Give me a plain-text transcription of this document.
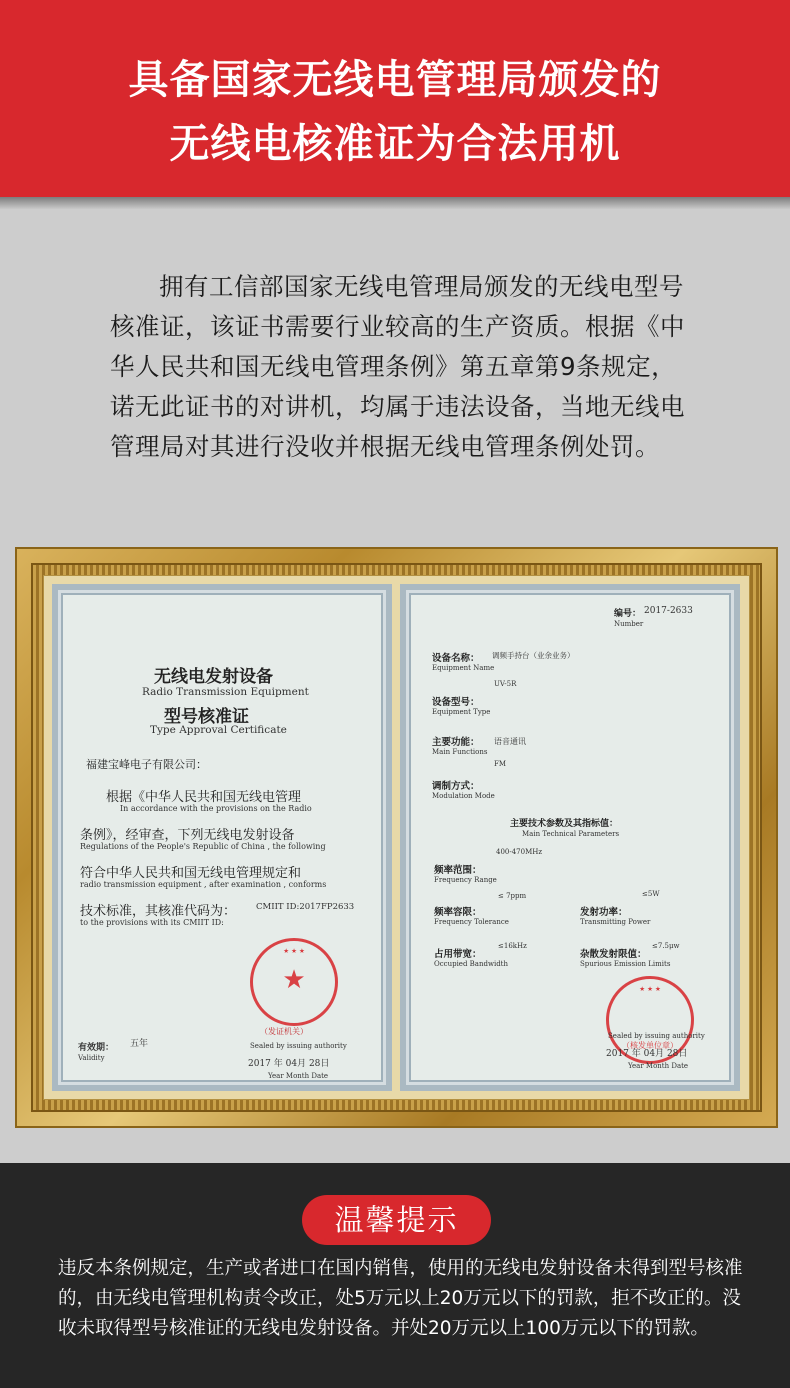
具备国家无线电管理局颁发的
无线电核准证为合法用机

拥有工信部国家无线电管理局颁发的无线电型号核准证，该证书需要行业较高的生产资质。根据《中华人民共和国无线电管理条例》第五章第9条规定，诺无此证书的对讲机，均属于违法设备，当地无线电管理局对其进行没收并根据无线电管理条例处罚。

无线电发射设备
Radio Transmission Equipment
型号核准证
Type Approval Certificate
福建宝峰电子有限公司：
根据《中华人民共和国无线电管理
In accordance with the provisions on the Radio
条例》，经审查，下列无线电发射设备
Regulations of the People's Republic of China , the following
符合中华人民共和国无线电管理规定和
radio transmission equipment , after examination , conforms
技术标准，其核准代码为： CMIIT ID:2017FP2633
to the provisions with its CMIIT ID:
★ ★ ★
★
（发证机关）
有效期： 五年
Validity
Sealed by issuing authority
2017 年 04月 28日
Year Month Date
编号： 2017-2633
Number
设备名称： 调频手持台（业余业务）
Equipment Name
UV-5R
设备型号：
Equipment Type
主要功能： 语音通讯
Main Functions
FM
调制方式：
Modulation Mode
主要技术参数及其指标值：
Main Technical Parameters
400-470MHz
频率范围：
Frequency Range
≤ 7ppm	≤5W
频率容限：
Frequency Tolerance
发射功率：
Transmitting Power
占用带宽：
≤16kHz
Occupied Bandwidth
杂散发射限值：
≤7.5μw
Spurious Emission Limits
★ ★ ★
（核发单位章）
Sealed by issuing authority
2017 年 04月 28日
Year Month Date
温馨提示
违反本条例规定，生产或者进口在国内销售，使用的无线电发射设备未得到型号核准的，由无线电管理机构责令改正，处5万元以上20万元以下的罚款，拒不改正的。没收未取得型号核准证的无线电发射设备。并处20万元以上100万元以下的罚款。
